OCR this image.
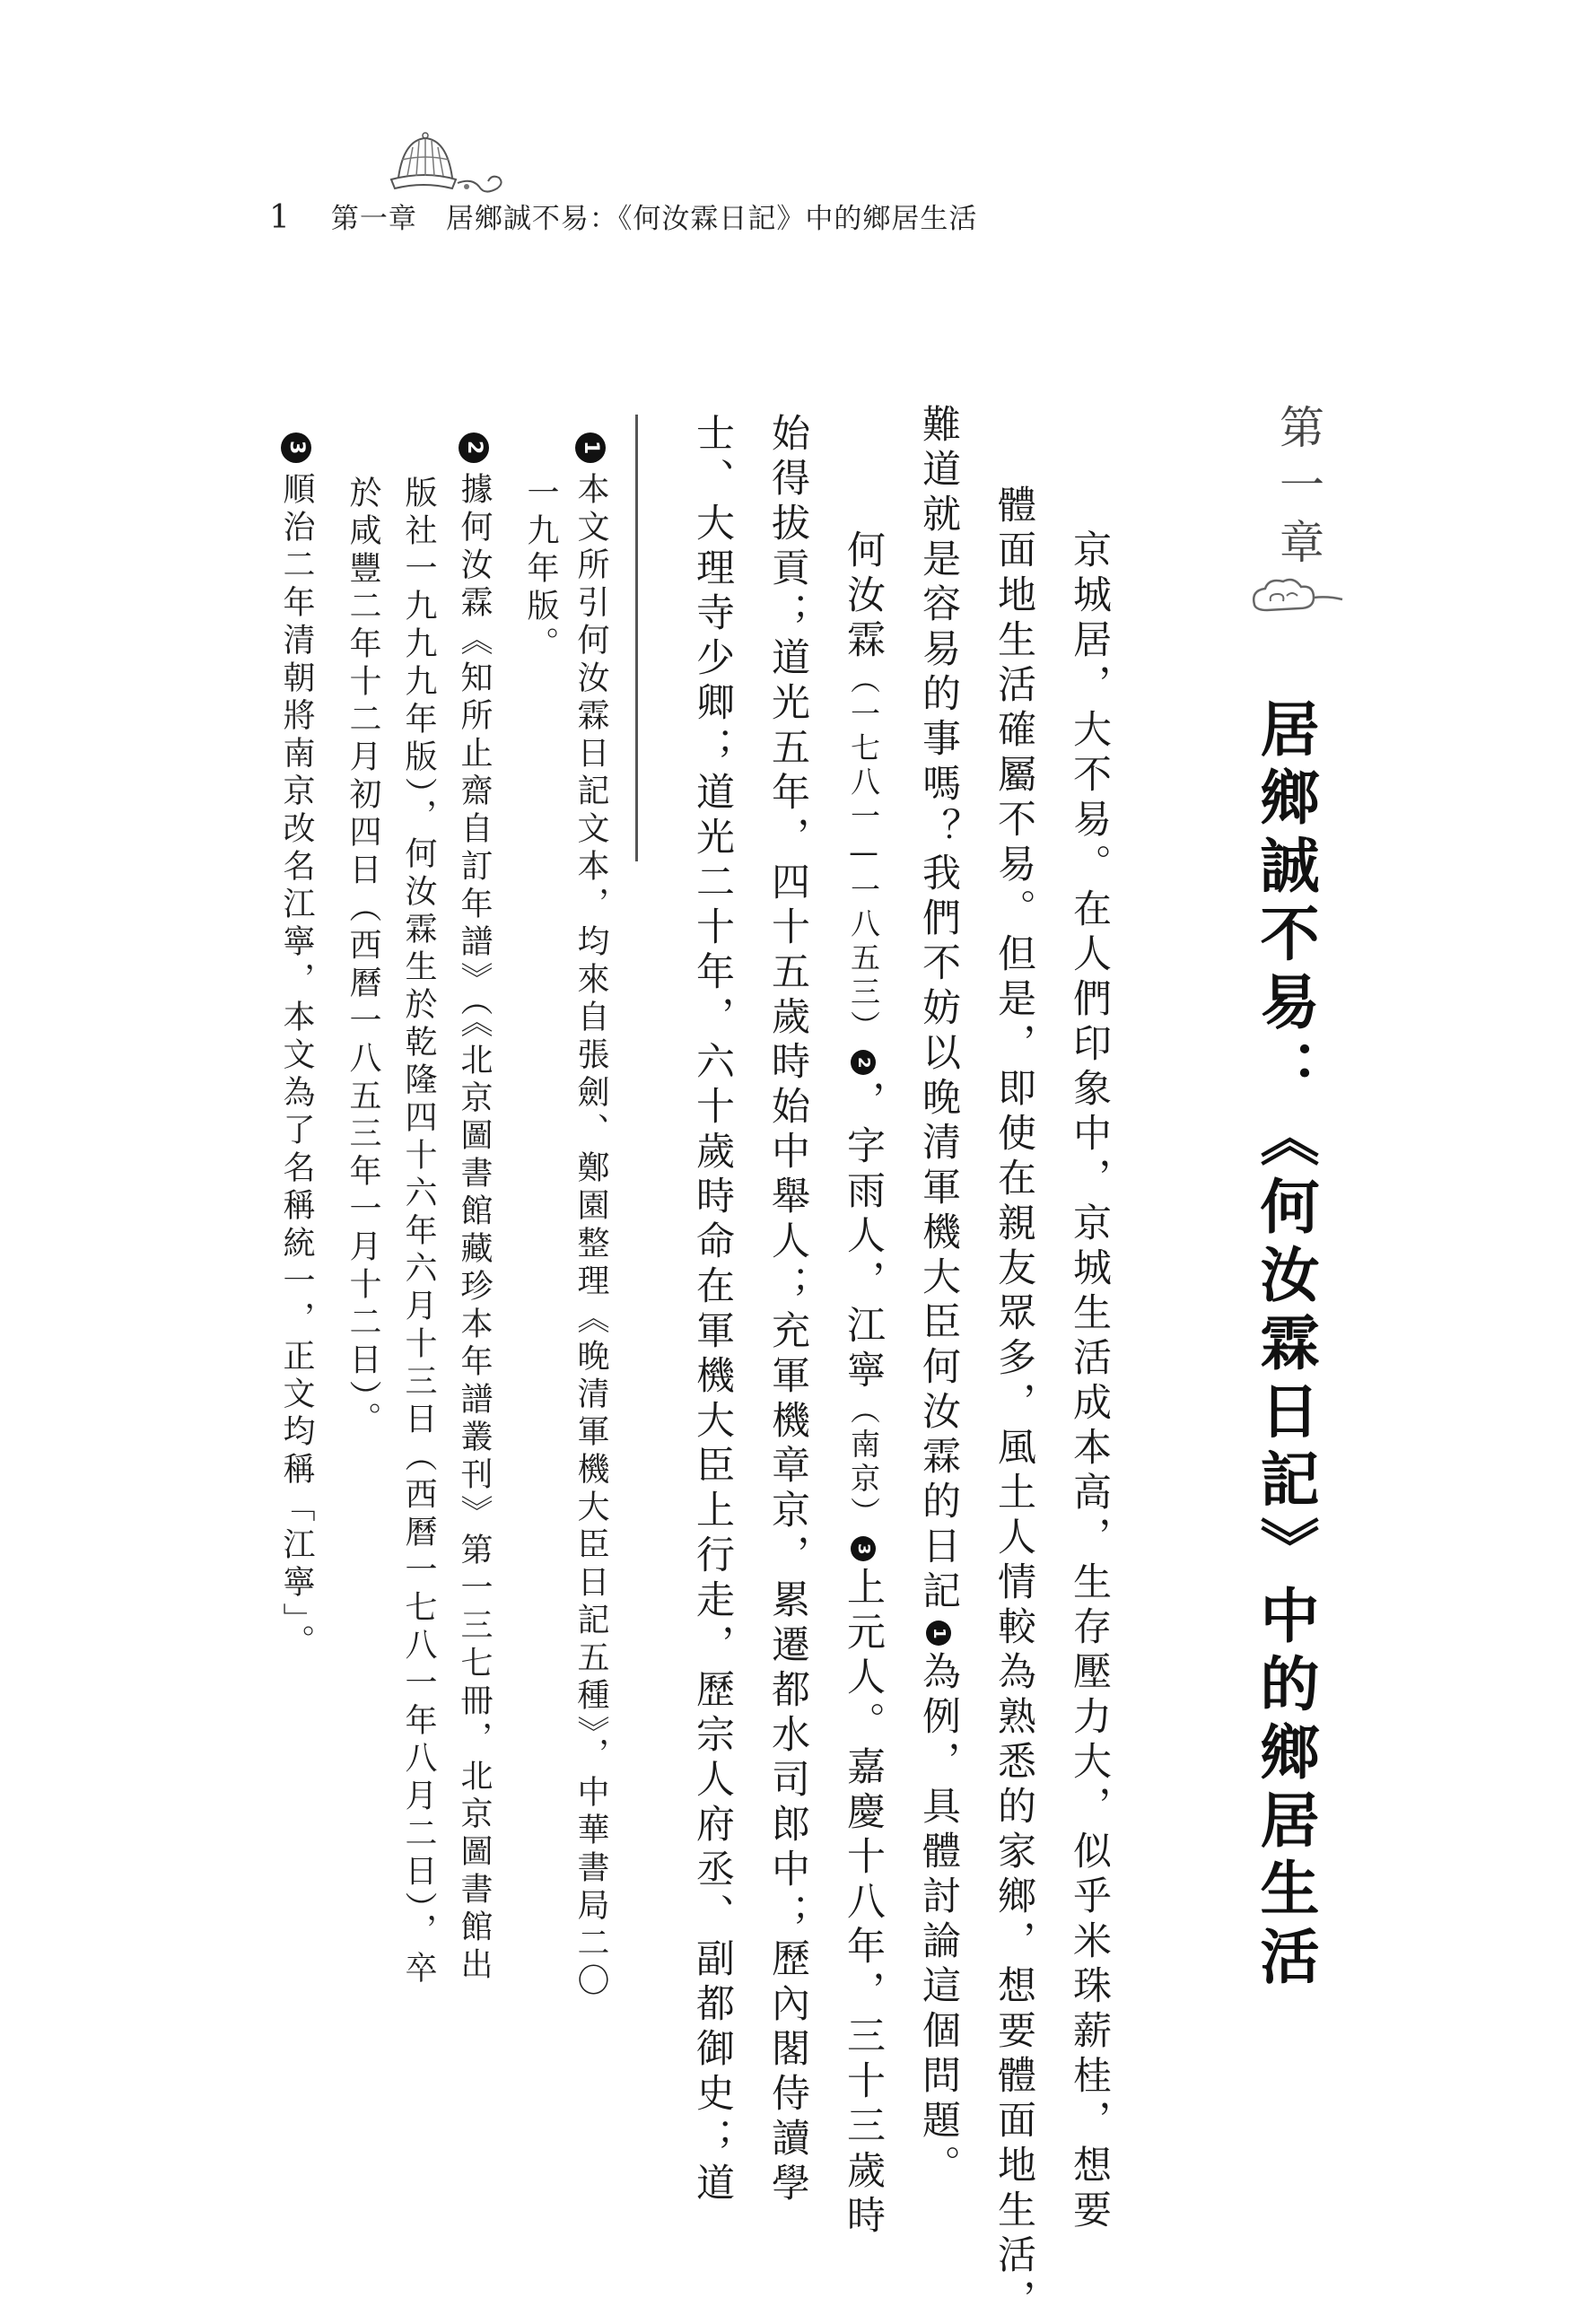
1 第一章　居鄉誠不易：《何汝霖日記》中的鄉居生活
第一章
居鄉誠不易：《何汝霖日記》中的鄉居生活
　京城居，大不易。在人們印象中，京城生活成本高，生存壓力大，似乎米珠薪桂，想要
體面地生活確屬不易。但是，即使在親友眾多，風土人情較為熟悉的家鄉，想要體面地生活，
難道就是容易的事嗎？我們不妨以晚清軍機大臣何汝霖的日記1為例，具體討論這個問題。
　何汝霖（一七八一—一八五三）2，字雨人，江寧（南京）3上元人。嘉慶十八年，三十三歲時
始得拔貢；道光五年，四十五歲時始中舉人；充軍機章京，累遷都水司郎中；歷內閣侍讀學
士、大理寺少卿；道光二十年，六十歲時命在軍機大臣上行走，歷宗人府丞、副都御史；道
1本文所引何汝霖日記文本，均來自張劍、鄭園整理《晚清軍機大臣日記五種》，中華書局二〇
一九年版。
2據何汝霖《知所止齋自訂年譜》（《北京圖書館藏珍本年譜叢刊》第一三七冊，北京圖書館出
版社一九九九年版），何汝霖生於乾隆四十六年六月十三日（西曆一七八一年八月二日），卒
於咸豐二年十二月初四日（西曆一八五三年一月十二日）。
3順治二年清朝將南京改名江寧，本文為了名稱統一，正文均稱「江寧」。
